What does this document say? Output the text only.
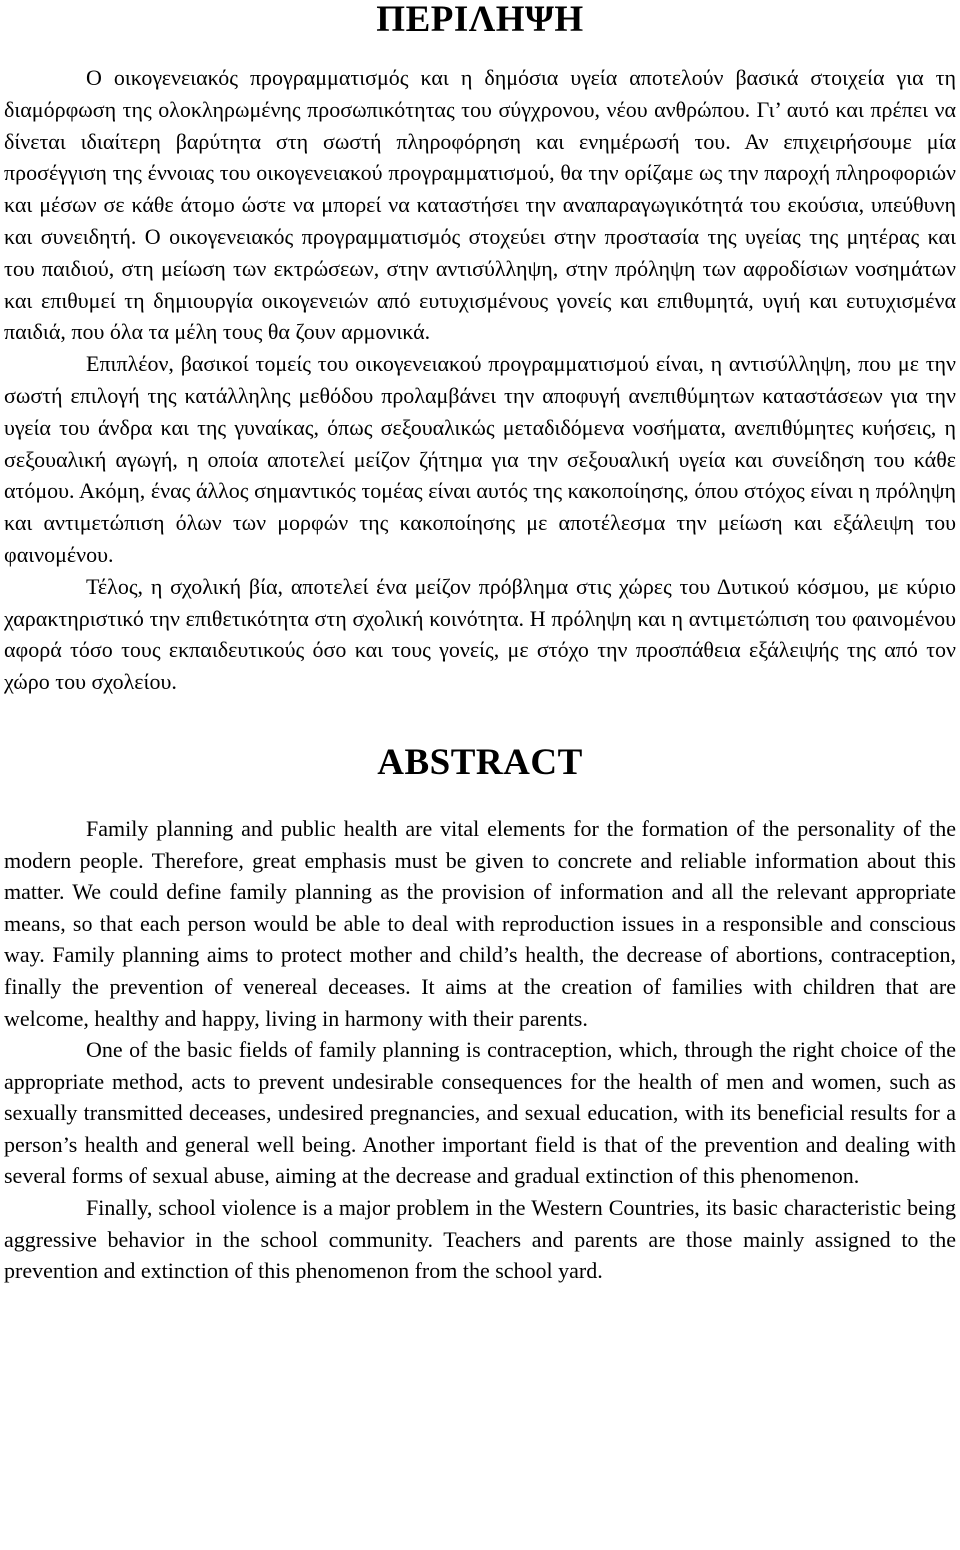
ΠΕΡΙΛΗΨΗ

Ο οικογενειακός προγραμματισμός και η δημόσια υγεία αποτελούν βασικά στοιχεία για τη διαμόρφωση της ολοκληρωμένης προσωπικότητας του σύγχρονου, νέου ανθρώπου. Γι’ αυτό και πρέπει να δίνεται ιδιαίτερη βαρύτητα στη σωστή πληροφόρηση και ενημέρωσή του. Αν επιχειρήσουμε μία προσέγγιση της έννοιας του οικογενειακού προγραμματισμού, θα την ορίζαμε ως την παροχή πληροφοριών και μέσων σε κάθε άτομο ώστε να μπορεί να καταστήσει την αναπαραγωγικότητά του εκούσια, υπεύθυνη και συνειδητή. Ο οικογενειακός προγραμματισμός στοχεύει στην προστασία της υγείας της μητέρας και του παιδιού, στη μείωση των εκτρώσεων, στην αντισύλληψη, στην πρόληψη των αφροδίσιων νοσημάτων και επιθυμεί τη δημιουργία οικογενειών από ευτυχισμένους γονείς και επιθυμητά, υγιή και ευτυχισμένα παιδιά, που όλα τα μέλη τους θα ζουν αρμονικά.

Επιπλέον, βασικοί τομείς του οικογενειακού προγραμματισμού είναι, η αντισύλληψη, που με την σωστή επιλογή της κατάλληλης μεθόδου προλαμβάνει την αποφυγή ανεπιθύμητων καταστάσεων για την υγεία του άνδρα και της γυναίκας, όπως σεξουαλικώς μεταδιδόμενα νοσήματα, ανεπιθύμητες κυήσεις, η σεξουαλική αγωγή, η οποία αποτελεί μείζον ζήτημα για την σεξουαλική υγεία και συνείδηση του κάθε ατόμου. Ακόμη, ένας άλλος σημαντικός τομέας είναι αυτός της κακοποίησης, όπου στόχος είναι η πρόληψη και αντιμετώπιση όλων των μορφών της κακοποίησης με αποτέλεσμα την μείωση και εξάλειψη του φαινομένου.

Τέλος, η σχολική βία, αποτελεί ένα μείζον πρόβλημα στις χώρες του Δυτικού κόσμου, με κύριο χαρακτηριστικό την επιθετικότητα στη σχολική κοινότητα. Η πρόληψη και η αντιμετώπιση του φαινομένου αφορά τόσο τους εκπαιδευτικούς όσο και τους γονείς, με στόχο την προσπάθεια εξάλειψής της από τον χώρο του σχολείου.

ABSTRACT

Family planning and public health are vital elements for the formation of the personality of the modern people. Therefore, great emphasis must be given to concrete and reliable information about this matter. We could define family planning as the provision of information and all the relevant appropriate means, so that each person would be able to deal with reproduction issues in a responsible and conscious way. Family planning aims to protect mother and child’s health, the decrease of abortions, contraception, finally the prevention of venereal deceases. It aims at the creation of families with children that are welcome, healthy and happy, living in harmony with their parents.

One of the basic fields of family planning is contraception, which, through the right choice of the appropriate method, acts to prevent undesirable consequences for the health of men and women, such as sexually transmitted deceases, undesired pregnancies, and sexual education, with its beneficial results for a person’s health and general well being. Another important field is that of the prevention and dealing with several forms of sexual abuse, aiming at the decrease and gradual extinction of this phenomenon.

Finally, school violence is a major problem in the Western Countries, its basic characteristic being aggressive behavior in the school community. Teachers and parents are those mainly assigned to the prevention and extinction of this phenomenon from the school yard.
